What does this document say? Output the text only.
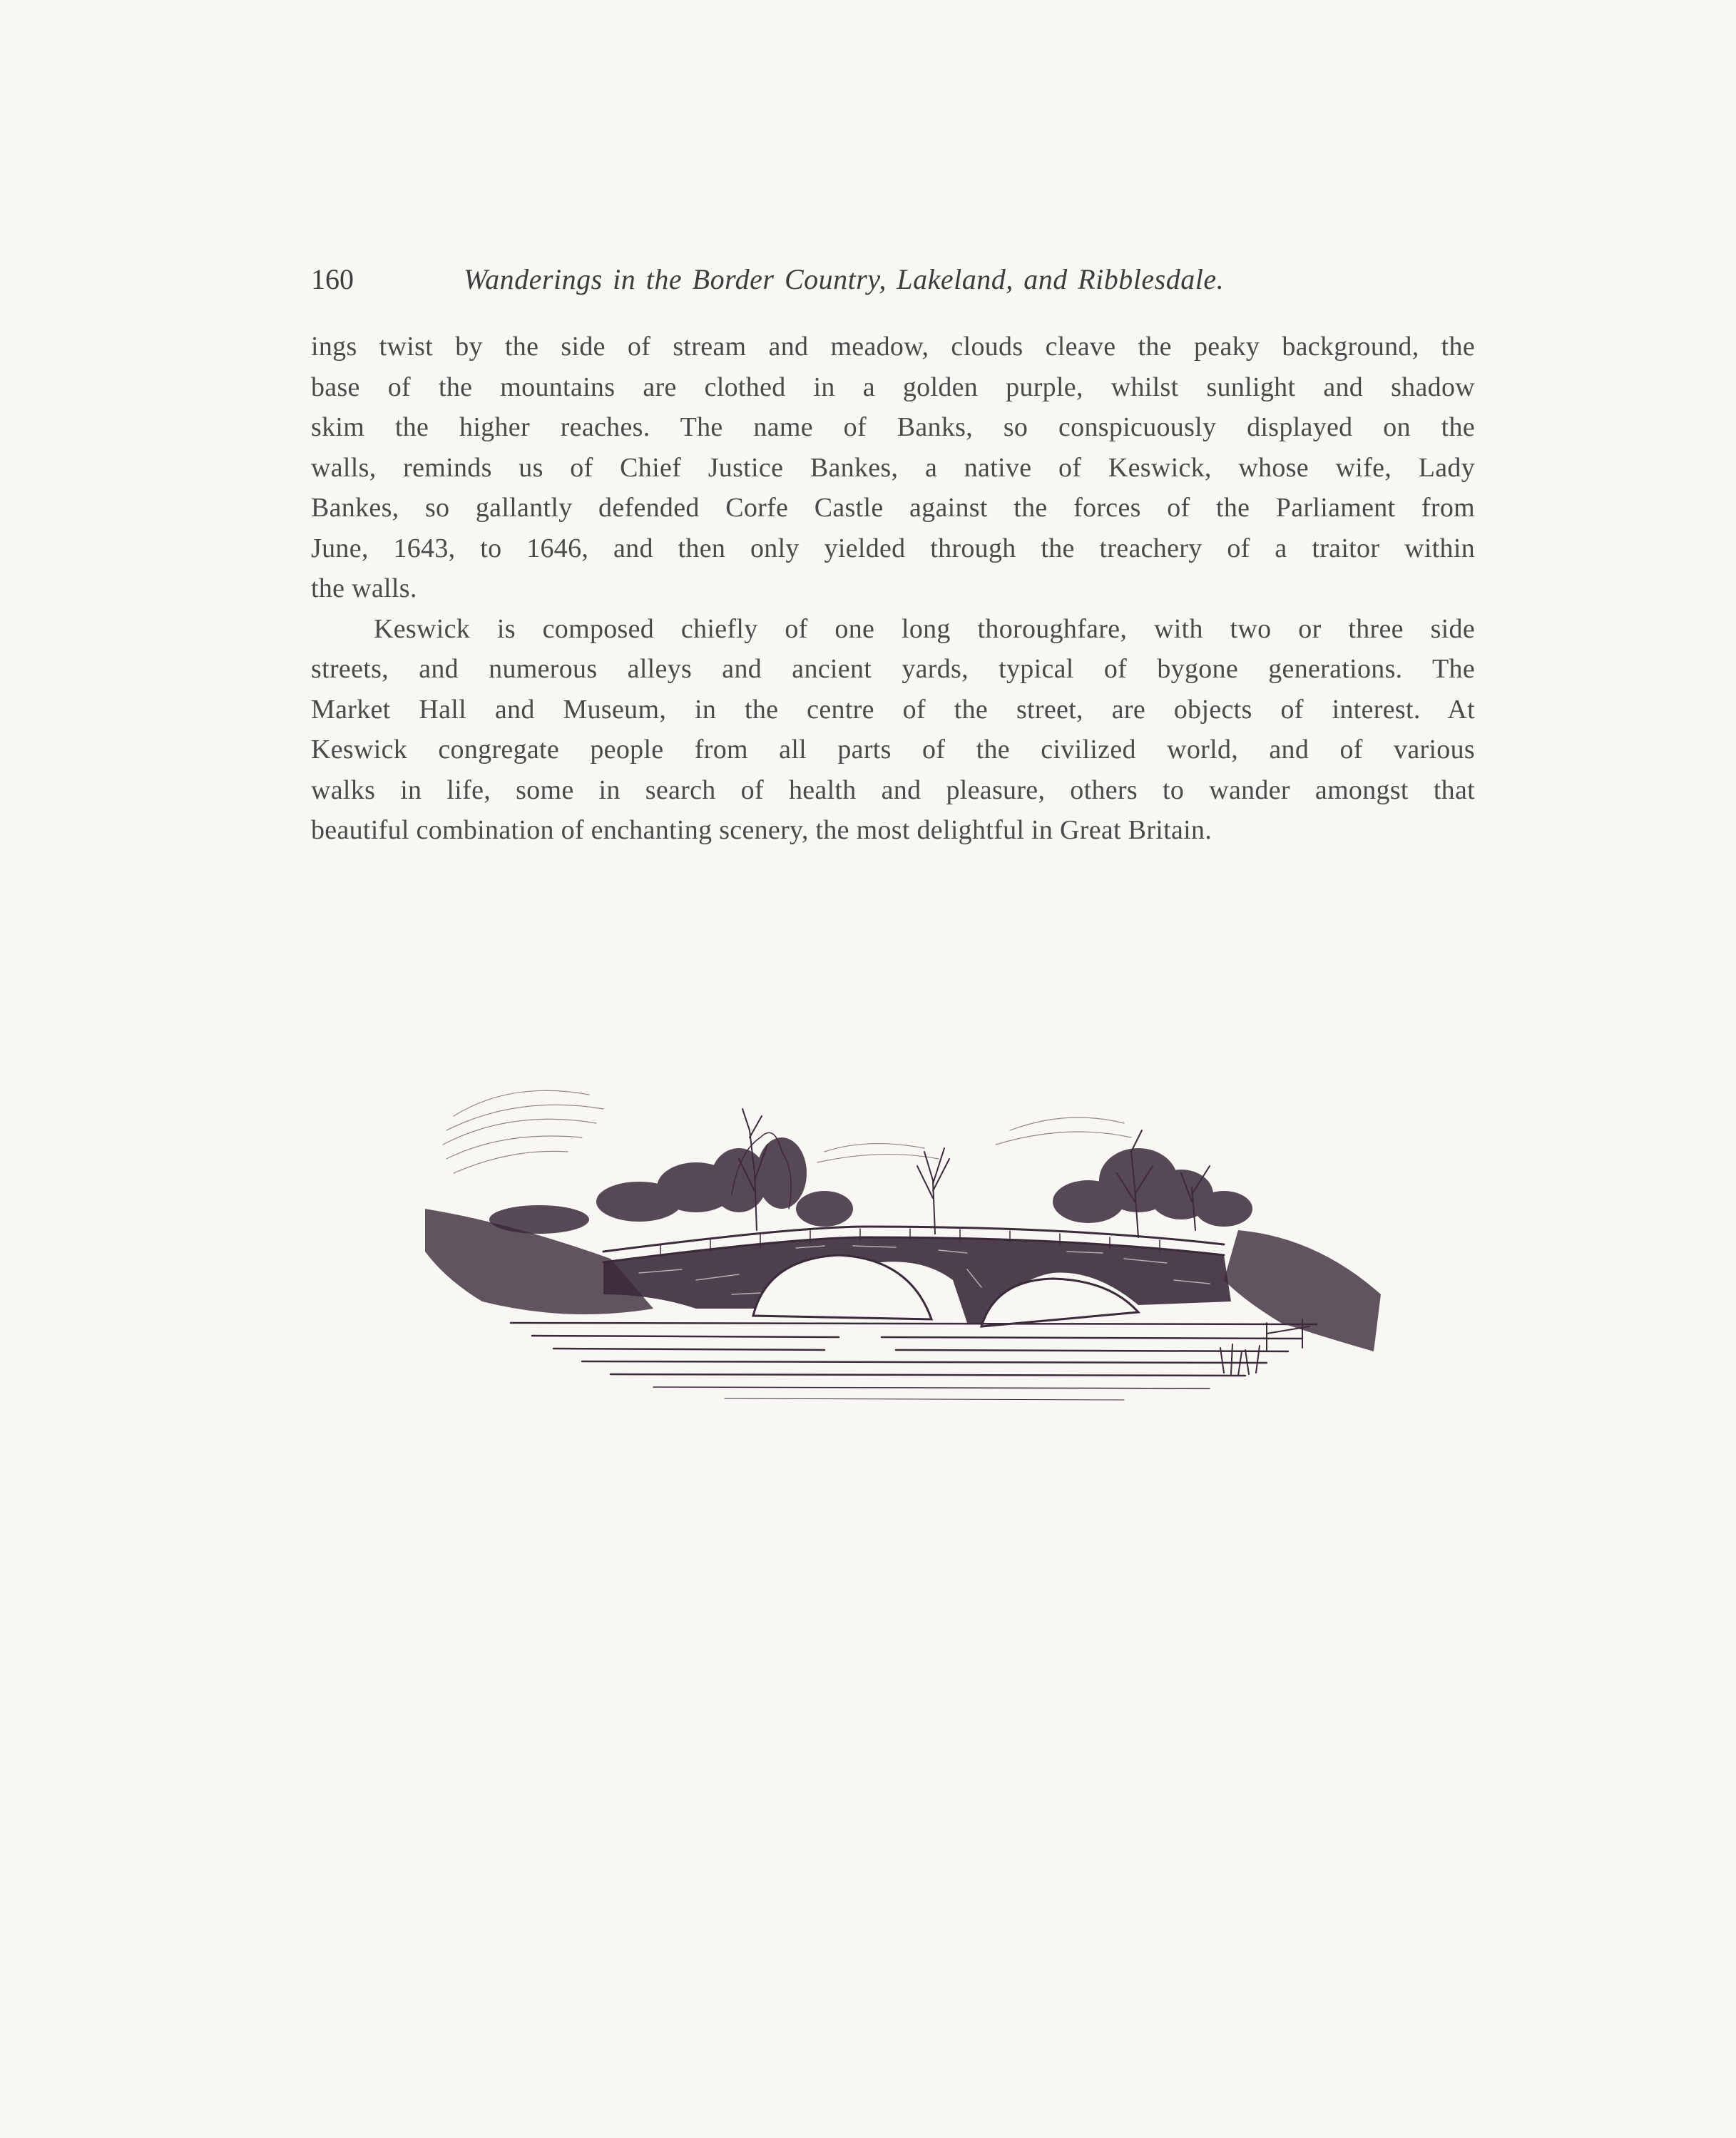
160	Wanderings in the Border Country, Lakeland, and Ribblesdale.
ings twist by the side of stream and meadow, clouds cleave the peaky background, the
base of the mountains are clothed in a golden purple, whilst sunlight and shadow
skim the higher reaches. The name of Banks, so conspicuously displayed on the
walls, reminds us of Chief Justice Bankes, a native of Keswick, whose wife, Lady
Bankes, so gallantly defended Corfe Castle against the forces of the Parliament from
June, 1643, to 1646, and then only yielded through the treachery of a traitor within
the walls.
Keswick is composed chiefly of one long thoroughfare, with two or three side
streets, and numerous alleys and ancient yards, typical of bygone generations. The
Market Hall and Museum, in the centre of the street, are objects of interest. At
Keswick congregate people from all parts of the civilized world, and of various
walks in life, some in search of health and pleasure, others to wander amongst that
beautiful combination of enchanting scenery, the most delightful in Great Britain.
